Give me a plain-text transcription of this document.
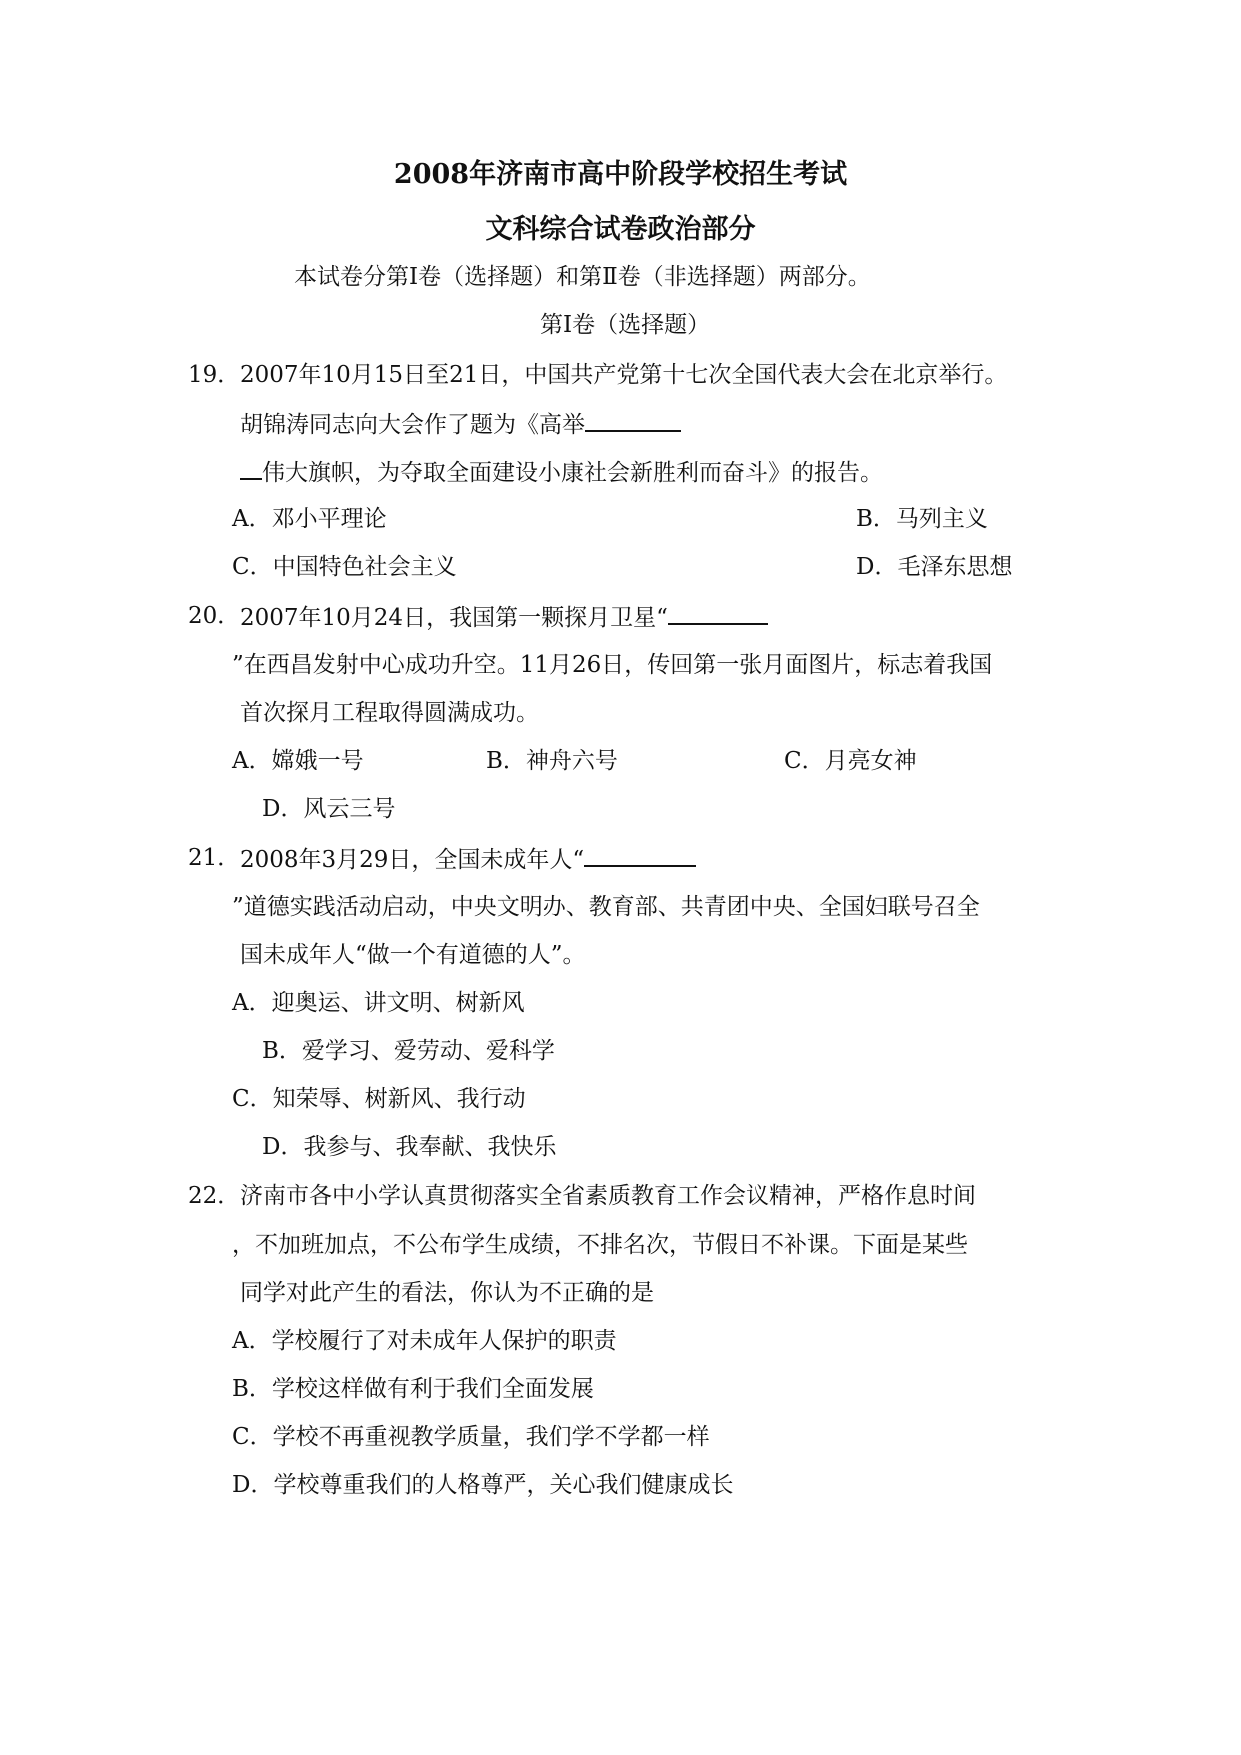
2008年济南市高中阶段学校招生考试
文科综合试卷政治部分
本试卷分第Ⅰ卷（选择题）和第Ⅱ卷（非选择题）两部分。
第Ⅰ卷（选择题）
19． 2007年10月15日至21日，中国共产党第十七次全国代表大会在北京举行。
胡锦涛同志向大会作了题为《高举
伟大旗帜，为夺取全面建设小康社会新胜利而奋斗》的报告。
A．邓小平理论	B．马列主义
C．中国特色社会主义	D．毛泽东思想
20． 2007年10月24日，我国第一颗探月卫星“
”在西昌发射中心成功升空。11月26日，传回第一张月面图片，标志着我国
首次探月工程取得圆满成功。
A．嫦娥一号	B．神舟六号	C．月亮女神
D．风云三号
21． 2008年3月29日，全国未成年人“
”道德实践活动启动，中央文明办、教育部、共青团中央、全国妇联号召全
国未成年人“做一个有道德的人”。
A．迎奥运、讲文明、树新风
B．爱学习、爱劳动、爱科学
C．知荣辱、树新风、我行动
D．我参与、我奉献、我快乐
22． 济南市各中小学认真贯彻落实全省素质教育工作会议精神，严格作息时间
，不加班加点，不公布学生成绩，不排名次，节假日不补课。下面是某些
同学对此产生的看法，你认为不正确的是
A．学校履行了对未成年人保护的职责
B．学校这样做有利于我们全面发展
C．学校不再重视教学质量，我们学不学都一样
D．学校尊重我们的人格尊严，关心我们健康成长
